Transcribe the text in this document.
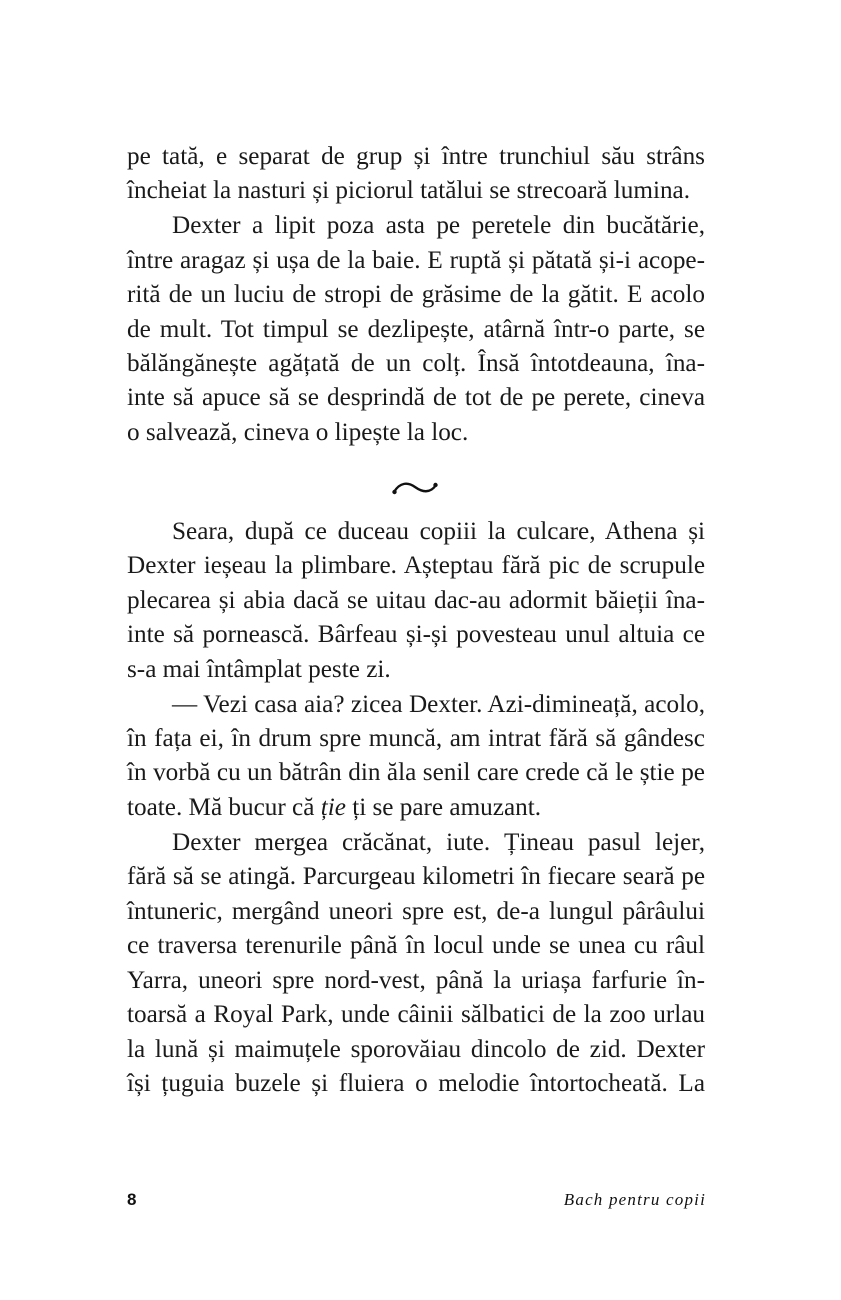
pe tată, e separat de grup și între trunchiul său strâns
încheiat la nasturi și piciorul tatălui se strecoară lumina.
Dexter a lipit poza asta pe peretele din bucătărie,
între aragaz și ușa de la baie. E ruptă și pătată și-i acope-
rită de un luciu de stropi de grăsime de la gătit. E acolo
de mult. Tot timpul se dezlipește, atârnă într-o parte, se
bălăngănește agățată de un colț. Însă întotdeauna, îna-
inte să apuce să se desprindă de tot de pe perete, cineva
o salvează, cineva o lipește la loc.
Seara, după ce duceau copiii la culcare, Athena și
Dexter ieșeau la plimbare. Așteptau fără pic de scrupule
plecarea și abia dacă se uitau dac-au adormit băieții îna-
inte să pornească. Bârfeau și-și povesteau unul altuia ce
s-a mai întâmplat peste zi.
— Vezi casa aia? zicea Dexter. Azi-dimineață, acolo,
în fața ei, în drum spre muncă, am intrat fără să gândesc
în vorbă cu un bătrân din ăla senil care crede că le știe pe
toate. Mă bucur că ție ți se pare amuzant.
Dexter mergea crăcănat, iute. Țineau pasul lejer,
fără să se atingă. Parcurgeau kilometri în fiecare seară pe
întuneric, mergând uneori spre est, de-a lungul pârâului
ce traversa terenurile până în locul unde se unea cu râul
Yarra, uneori spre nord-vest, până la uriașa farfurie în-
toarsă a Royal Park, unde câinii sălbatici de la zoo urlau
la lună și maimuțele sporovăiau dincolo de zid. Dexter
își țuguia buzele și fluiera o melodie întortocheată. La
8	Bach pentru copii
